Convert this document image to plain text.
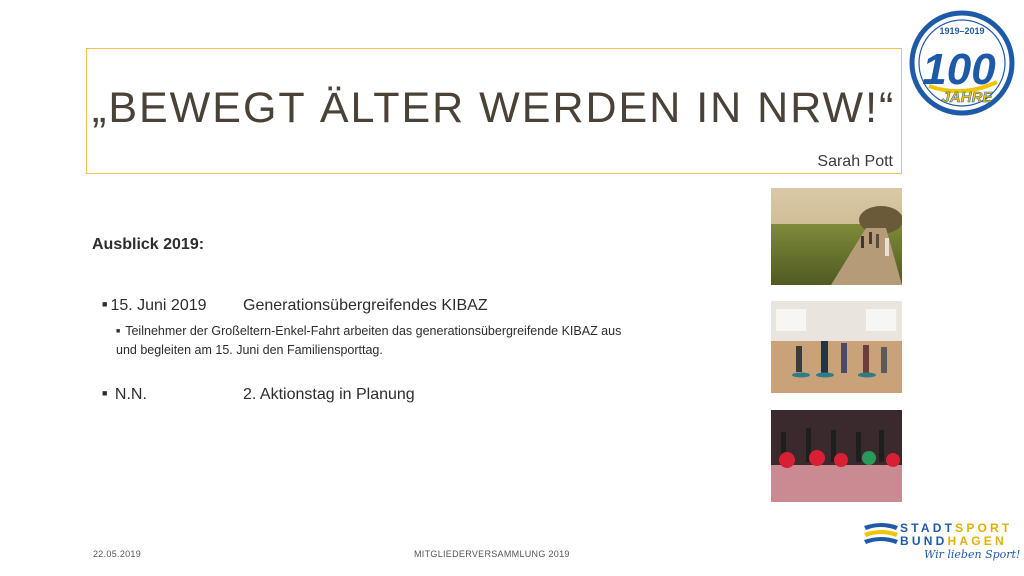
„BEWEGT ÄLTER WERDEN IN NRW!“
Sarah Pott
1919–2019
100
JAHRE
Ausblick 2019:
■ 15. Juni 2019 Generationsübergreifendes KIBAZ
■ Teilnehmer der Großeltern-Enkel-Fahrt arbeiten das generationsübergreifende KIBAZ aus und begleiten am 15. Juni den Familiensporttag.
■ N.N.	2. Aktionstag in Planung
STADTSPORT
BUNDHAGEN
Wir lieben Sport!
22.05.2019	MITGLIEDERVERSAMMLUNG 2019
